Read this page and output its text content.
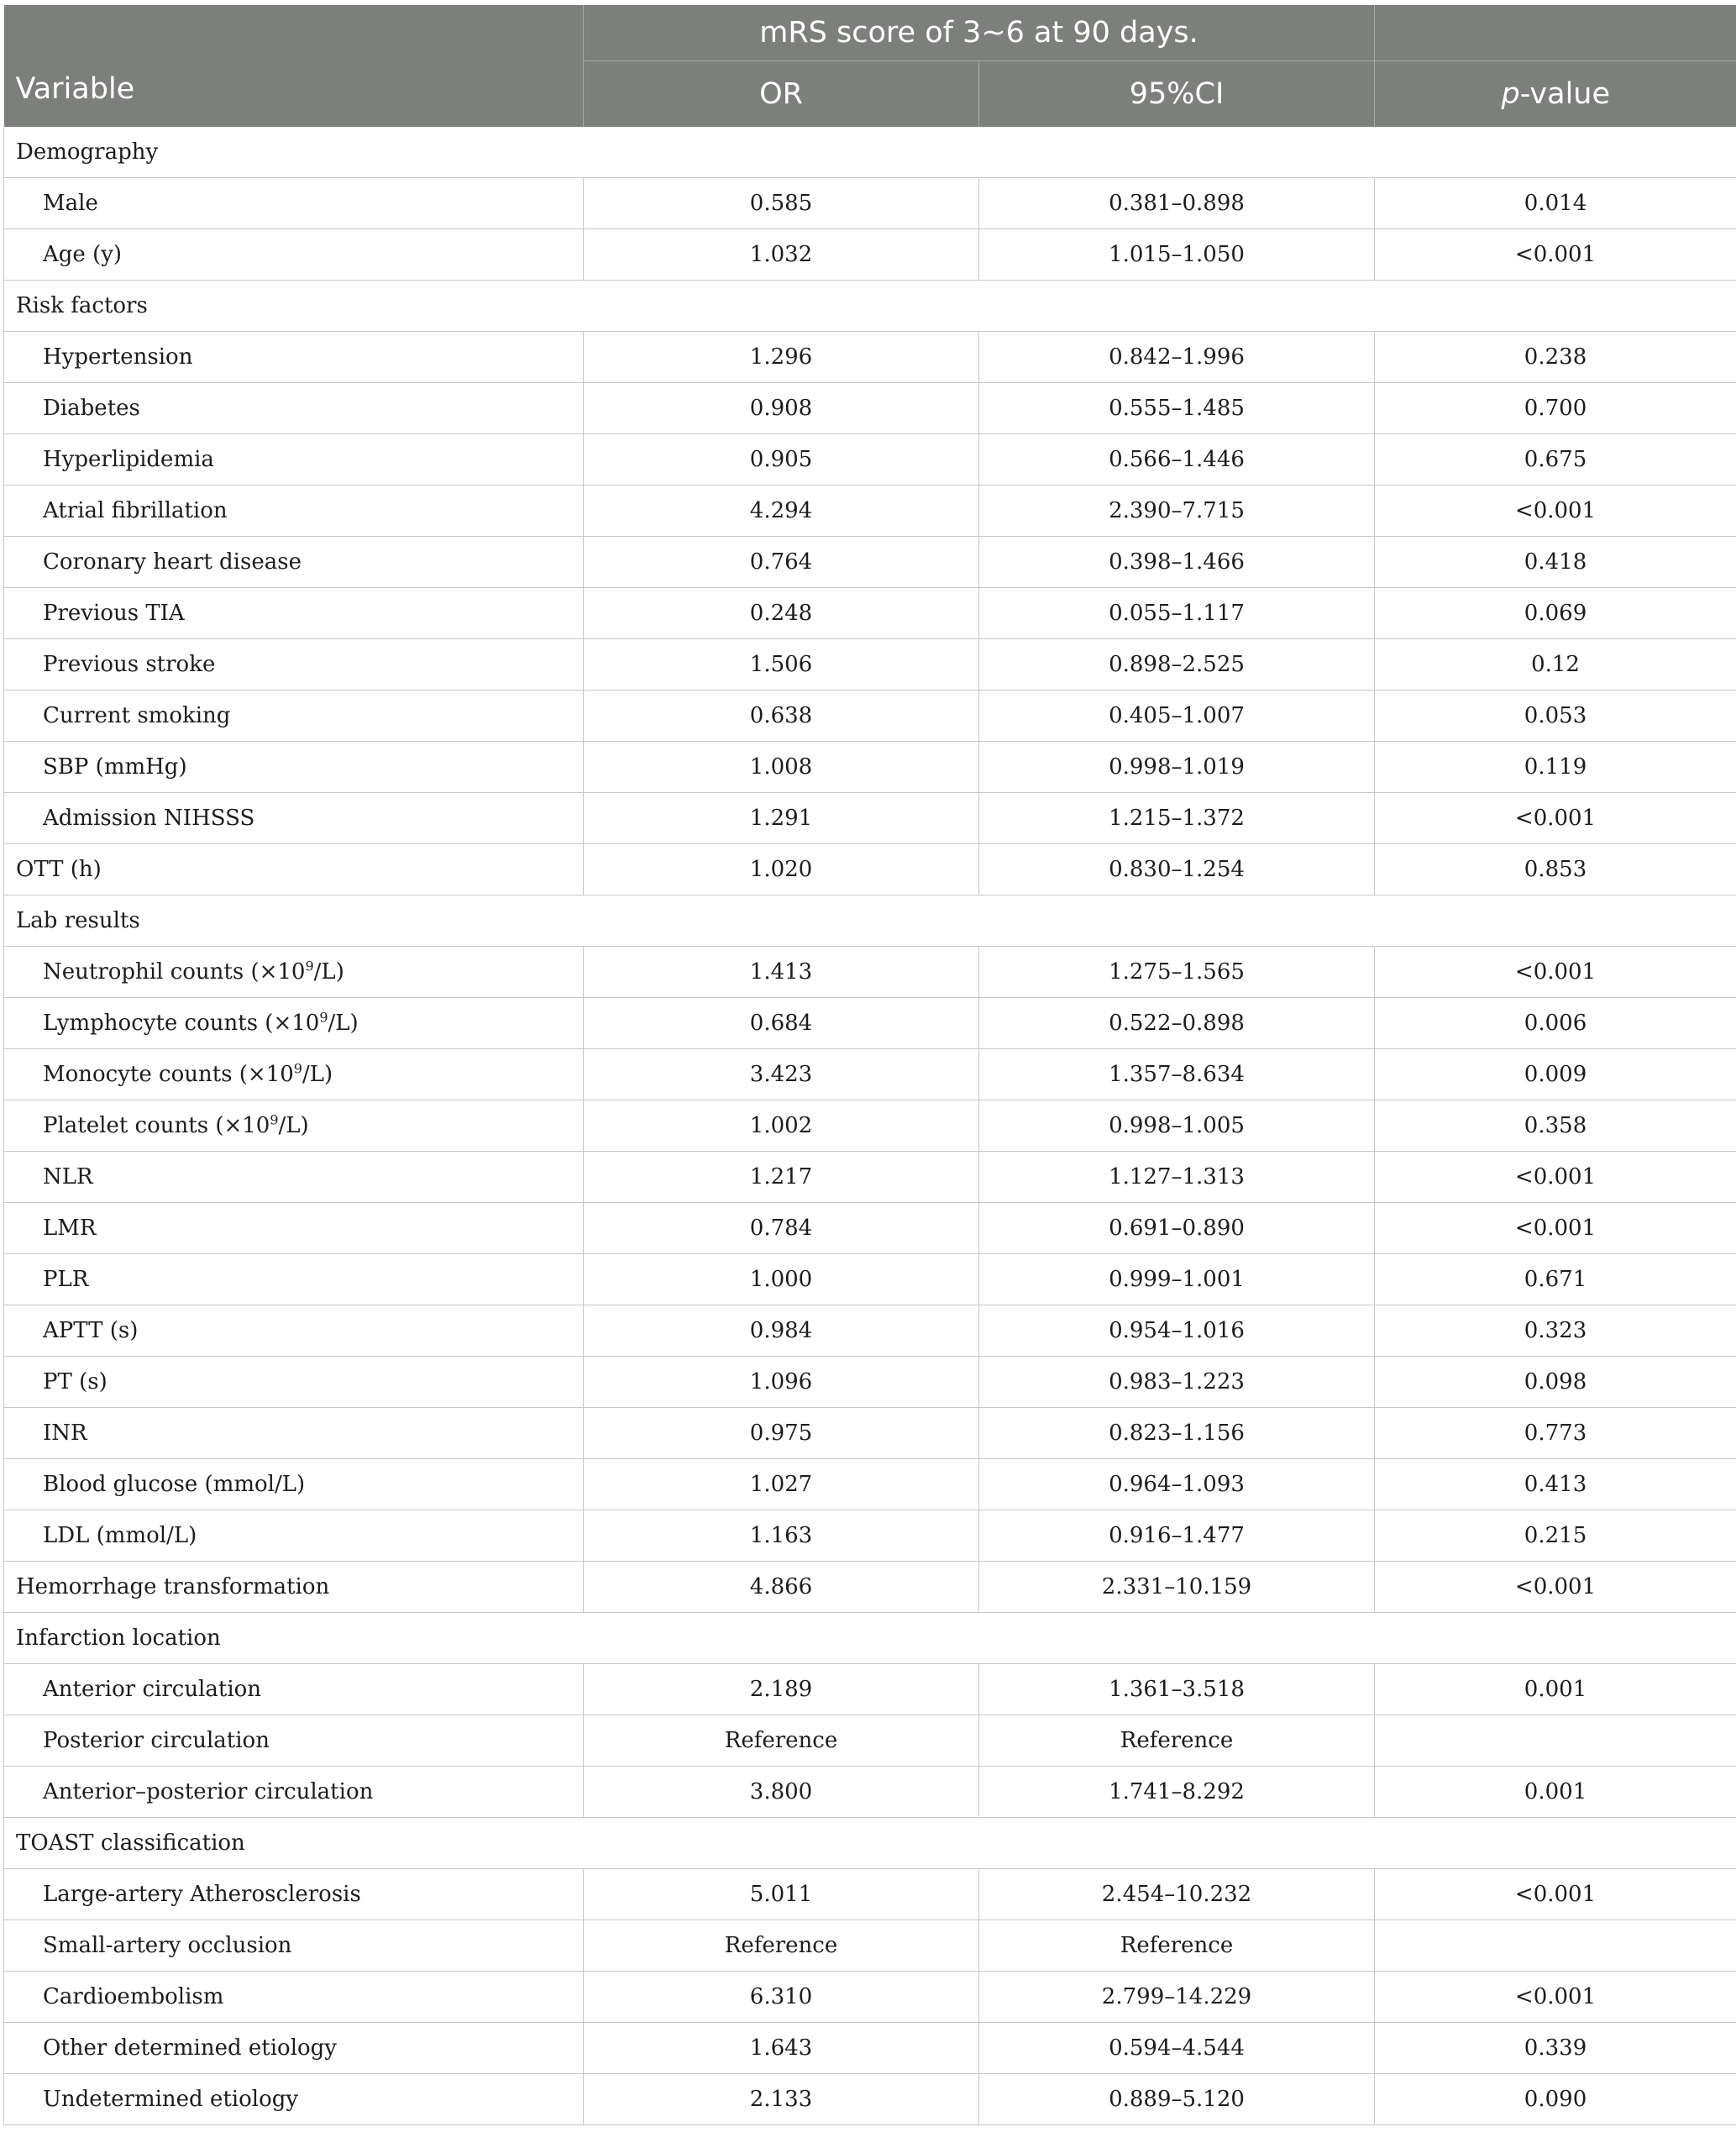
	mRS score of 3~6 at 90 days.		
Variable	OR	95%CI	p-value
Demography			
Male	0.585	0.381–0.898	0.014
Age (y)	1.032	1.015–1.050	<0.001
Risk factors			
Hypertension	1.296	0.842–1.996	0.238
Diabetes	0.908	0.555–1.485	0.700
Hyperlipidemia	0.905	0.566–1.446	0.675
Atrial fibrillation	4.294	2.390–7.715	<0.001
Coronary heart disease	0.764	0.398–1.466	0.418
Previous TIA	0.248	0.055–1.117	0.069
Previous stroke	1.506	0.898–2.525	0.12
Current smoking	0.638	0.405–1.007	0.053
SBP (mmHg)	1.008	0.998–1.019	0.119
Admission NIHSSS	1.291	1.215–1.372	<0.001
OTT (h)	1.020	0.830–1.254	0.853
Lab results			
Neutrophil counts $(\times 10^9/L)$	1.413	1.275–1.565	<0.001
Lymphocyte counts $(\times 10^9/L)$	0.684	0.522–0.898	0.006
Monocyte counts $(\times 10^9/L)$	3.423	1.357–8.634	0.009
Platelet counts $(\times 10^9/L)$	1.002	0.998–1.005	0.358
NLR	1.217	1.127–1.313	<0.001
LMR	0.784	0.691–0.890	<0.001
PLR	1.000	0.999–1.001	0.671
APTT (s)	0.984	0.954–1.016	0.323
PT (s)	1.096	0.983–1.223	0.098
INR	0.975	0.823–1.156	0.773
Blood glucose (mmol/L)	1.027	0.964–1.093	0.413
LDL (mmol/L)	1.163	0.916–1.477	0.215
Hemorrhage transformation	4.866	2.331–10.159	<0.001
Infarction location			
Anterior circulation	2.189	1.361–3.518	0.001
Posterior circulation	Reference	Reference	
Anterior–posterior circulation	3.800	1.741–8.292	0.001
TOAST classification			
Large-artery Atherosclerosis	5.011	2.454–10.232	<0.001
Small-artery occlusion	Reference	Reference	
Cardioembolism	6.310	2.799–14.229	<0.001
Other determined etiology	1.643	0.594–4.544	0.339
Undetermined etiology	2.133	0.889–5.120	0.090
